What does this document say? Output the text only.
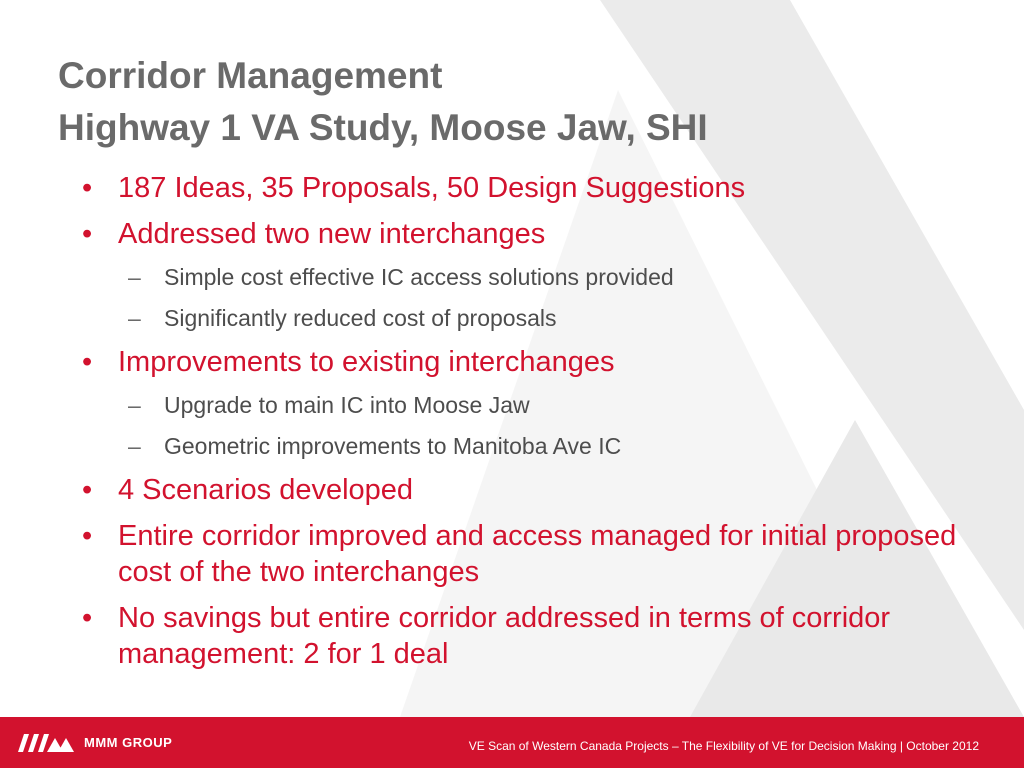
Corridor Management
Highway 1 VA Study, Moose Jaw, SHI
• 187 Ideas, 35 Proposals, 50 Design Suggestions
• Addressed two new interchanges
– Simple cost effective IC access solutions provided
– Significantly reduced cost of proposals
• Improvements to existing interchanges
– Upgrade to main IC into Moose Jaw
– Geometric improvements to Manitoba Ave IC
• 4 Scenarios developed
• Entire corridor improved and access managed for initial proposed cost of the two interchanges
• No savings but entire corridor addressed in terms of corridor management: 2 for 1 deal
MMM GROUP	VE Scan of Western Canada Projects – The Flexibility of VE for Decision Making | October 2012
